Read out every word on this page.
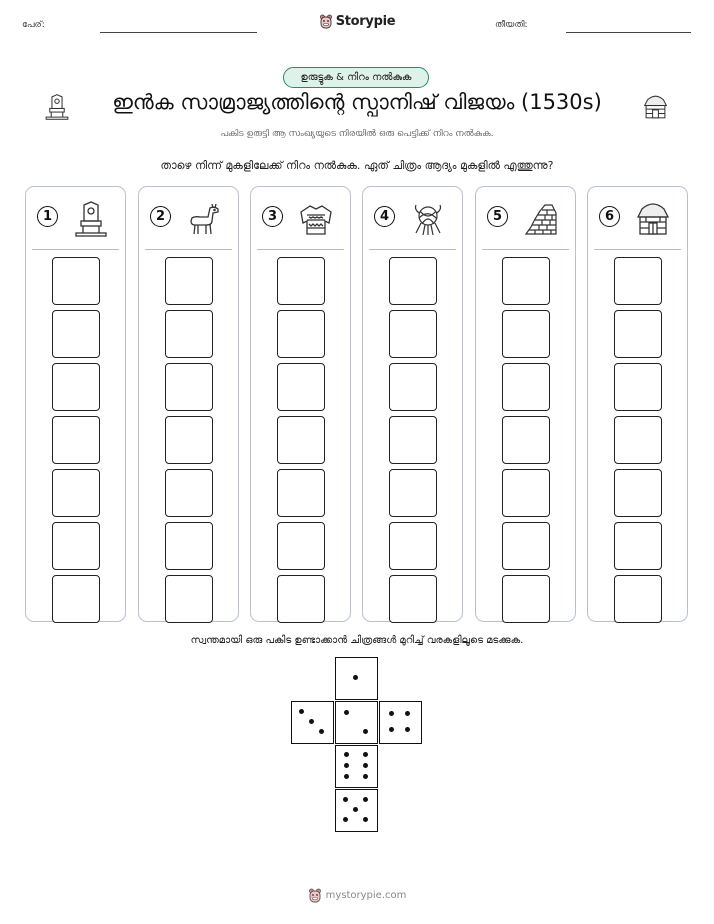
പേര്:	Storypie	തീയതി:
ഉരുട്ടുക & നിറം നൽകുക
ഇൻക സാമ്രാജ്യത്തിന്റെ സ്പാനിഷ് വിജയം (1530s)
പകിട ഉരുട്ടി ആ സംഖ്യയുടെ നിരയിൽ ഒരു പെട്ടിക്ക് നിറം നൽകുക.
താഴെ നിന്ന് മുകളിലേക്ക് നിറം നൽകുക. ഏത് ചിത്രം ആദ്യം മുകളിൽ എത്തുന്നു?
1	2	3	4	5	6
സ്വന്തമായി ഒരു പകിട ഉണ്ടാക്കാൻ ചിത്രങ്ങൾ മുറിച്ച് വരകളിലൂടെ മടക്കുക.
mystorypie.com
